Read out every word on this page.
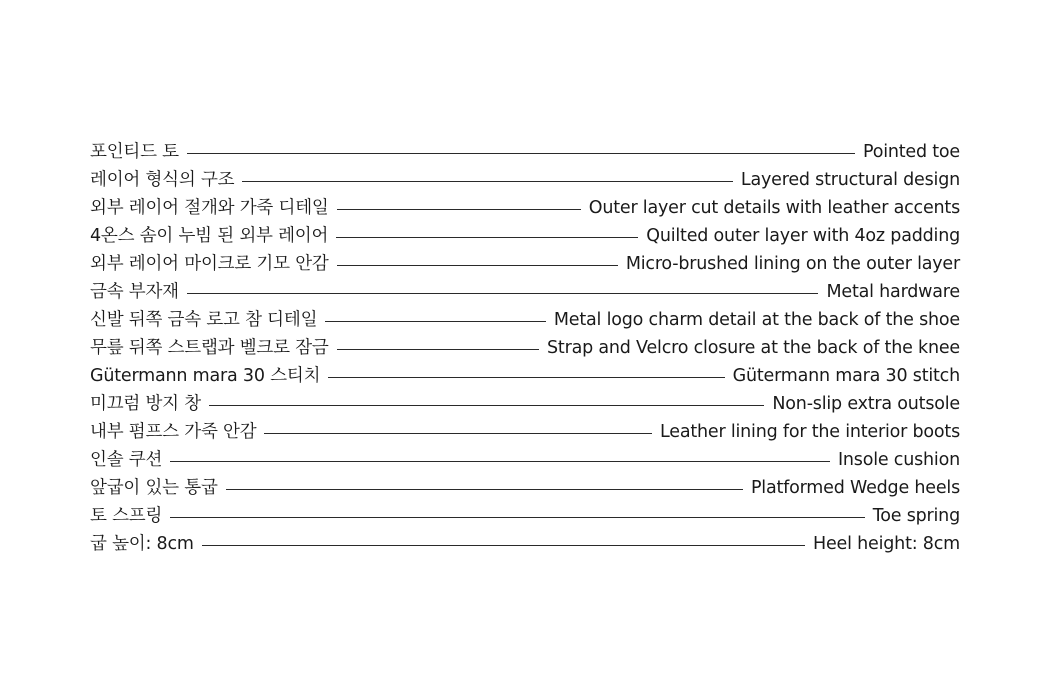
포인티드 토	Pointed toe
레이어 형식의 구조	Layered structural design
외부 레이어 절개와 가죽 디테일	Outer layer cut details with leather accents
4온스 솜이 누빔 된 외부 레이어	Quilted outer layer with 4oz padding
외부 레이어 마이크로 기모 안감	Micro-brushed lining on the outer layer
금속 부자재	Metal hardware
신발 뒤쪽 금속 로고 참 디테일	Metal logo charm detail at the back of the shoe
무릎 뒤쪽 스트랩과 벨크로 잠금	Strap and Velcro closure at the back of the knee
Gütermann mara 30 스티치	Gütermann mara 30 stitch
미끄럼 방지 창	Non-slip extra outsole
내부 펌프스 가죽 안감	Leather lining for the interior boots
인솔 쿠션	Insole cushion
앞굽이 있는 통굽	Platformed Wedge heels
토 스프링	Toe spring
굽 높이: 8cm	Heel height: 8cm
